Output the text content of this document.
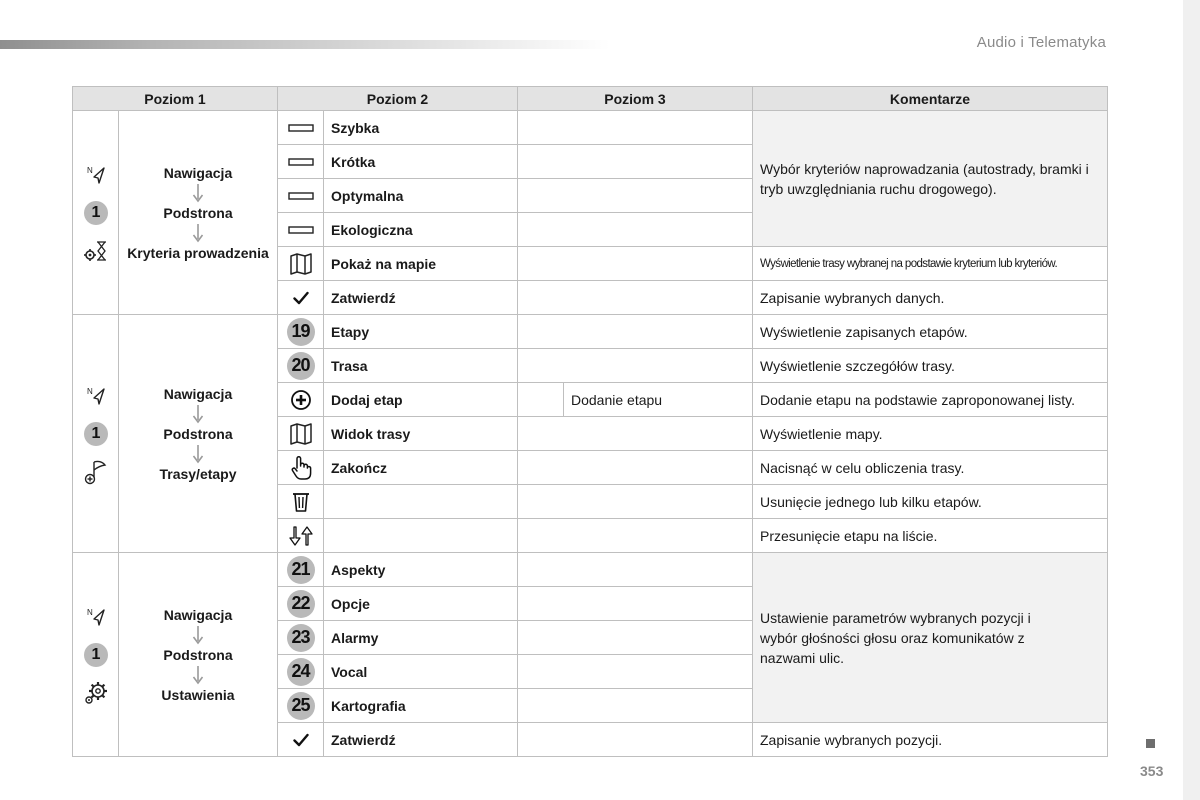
Audio i Telematyka
Poziom 1		Poziom 2		Poziom 3		Komentarze

N
1	Nawigacja
Podstrona
Kryteria prowadzenia		Szybka			Wybór kryteriów naprowadzania (autostrady, bramki i tryb uwzględniania ruchu drogowego).

	Krótka			

	Optymalna			

	Ekologiczna			

	Pokaż na mapie			Wyświetlenie trasy wybranej na podstawie kryterium lub kryteriów.

	Zatwierdź			Zapisanie wybranych danych.

N
1	Nawigacja
Podstrona
Trasy/etapy	19	Etapy			Wyświetlenie zapisanych etapów.
		20	Trasa			Wyświetlenie szczegółów trasy.

	Dodaj etap		Dodanie etapu	Dodanie etapu na podstawie zaproponowanej listy.

	Widok trasy			Wyświetlenie mapy.

	Zakończ			Nacisnąć w celu obliczenia trasy.

			Usunięcie jednego lub kilku etapów.

			Przesunięcie etapu na liście.

N
1	Nawigacja
Podstrona
Ustawienia	21	Aspekty			Ustawienie parametrów wybranych pozycji i wybór głośności głosu oraz komunikatów z nazwami ulic.

		22	Opcje			
		23	Alarmy			
		24	Vocal			
		25	Kartografia			

	Zatwierdź			Zapisanie wybranych pozycji.
353
